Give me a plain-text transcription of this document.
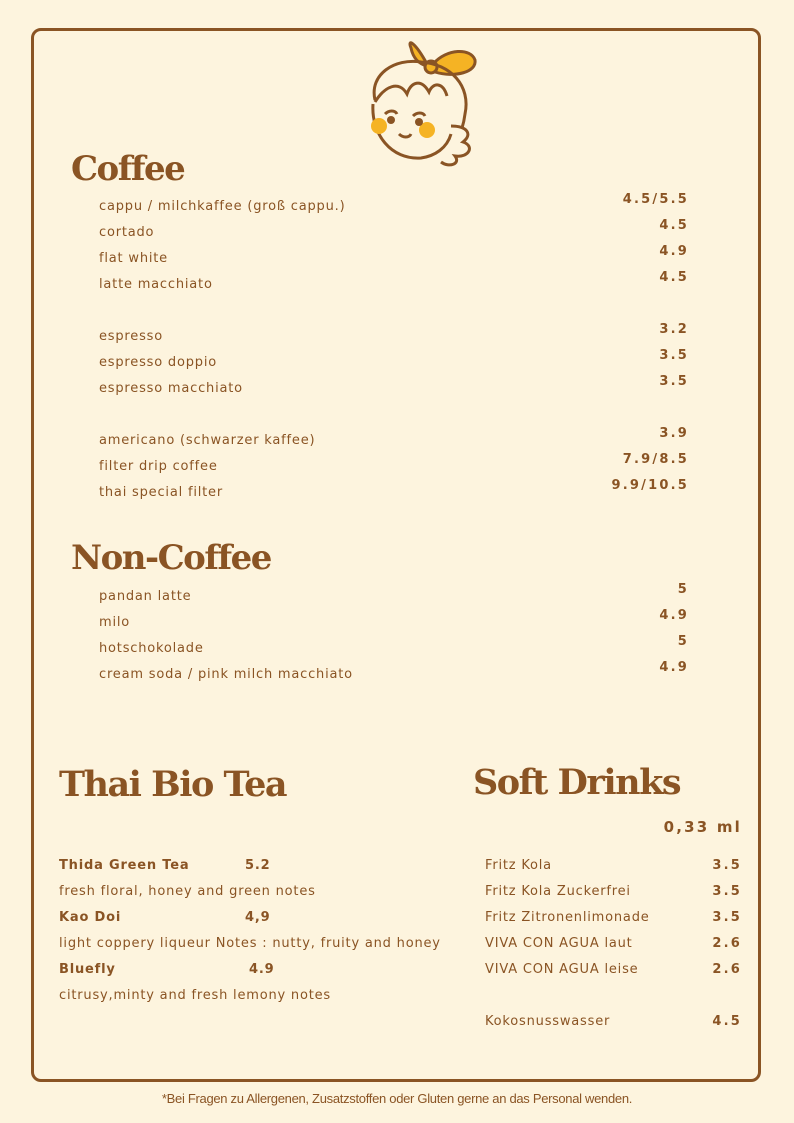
Coffee
cappu / milchkaffee (groß cappu.)	4.5/5.5
cortado	4.5
flat white	4.9
latte macchiato	4.5
espresso	3.2
espresso doppio	3.5
espresso macchiato	3.5
americano (schwarzer kaffee)	3.9
filter drip coffee	7.9/8.5
thai special filter	9.9/10.5
Non-Coffee
pandan latte	5
milo	4.9
hotschokolade	5
cream soda / pink milch macchiato	4.9
Thai Bio Tea
Thida Green Tea	5.2
fresh floral, honey and green notes
Kao Doi	4,9
light coppery liqueur Notes : nutty, fruity and honey
Bluefly	4.9
citrusy,minty and fresh lemony notes
Soft Drinks
0,33 ml
Fritz Kola	3.5
Fritz Kola Zuckerfrei	3.5
Fritz Zitronenlimonade	3.5
VIVA CON AGUA laut	2.6
VIVA CON AGUA leise	2.6
Kokosnusswasser	4.5
*Bei Fragen zu Allergenen, Zusatzstoffen oder Gluten gerne an das Personal wenden.
